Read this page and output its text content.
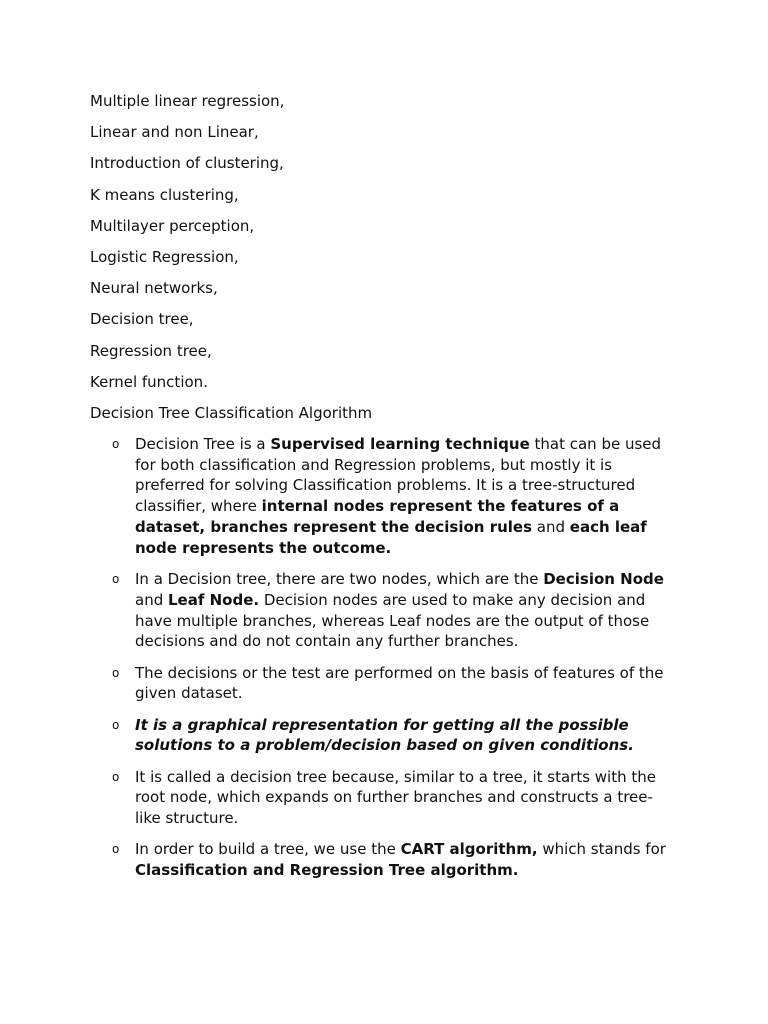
Multiple linear regression,

Linear and non Linear,

Introduction of clustering,

K means clustering,

Multilayer perception,

Logistic Regression,

Neural networks,

Decision tree,

Regression tree,

Kernel function.

Decision Tree Classification Algorithm

o Decision Tree is a Supervised learning technique that can be used for both classification and Regression problems, but mostly it is preferred for solving Classification problems. It is a tree-structured classifier, where internal nodes represent the features of a dataset, branches represent the decision rules and each leaf node represents the outcome.
o In a Decision tree, there are two nodes, which are the Decision Node and Leaf Node. Decision nodes are used to make any decision and have multiple branches, whereas Leaf nodes are the output of those decisions and do not contain any further branches.
o The decisions or the test are performed on the basis of features of the given dataset.
o It is a graphical representation for getting all the possible solutions to a problem/decision based on given conditions.
o It is called a decision tree because, similar to a tree, it starts with the root node, which expands on further branches and constructs a tree-like structure.
o In order to build a tree, we use the CART algorithm, which stands for Classification and Regression Tree algorithm.
